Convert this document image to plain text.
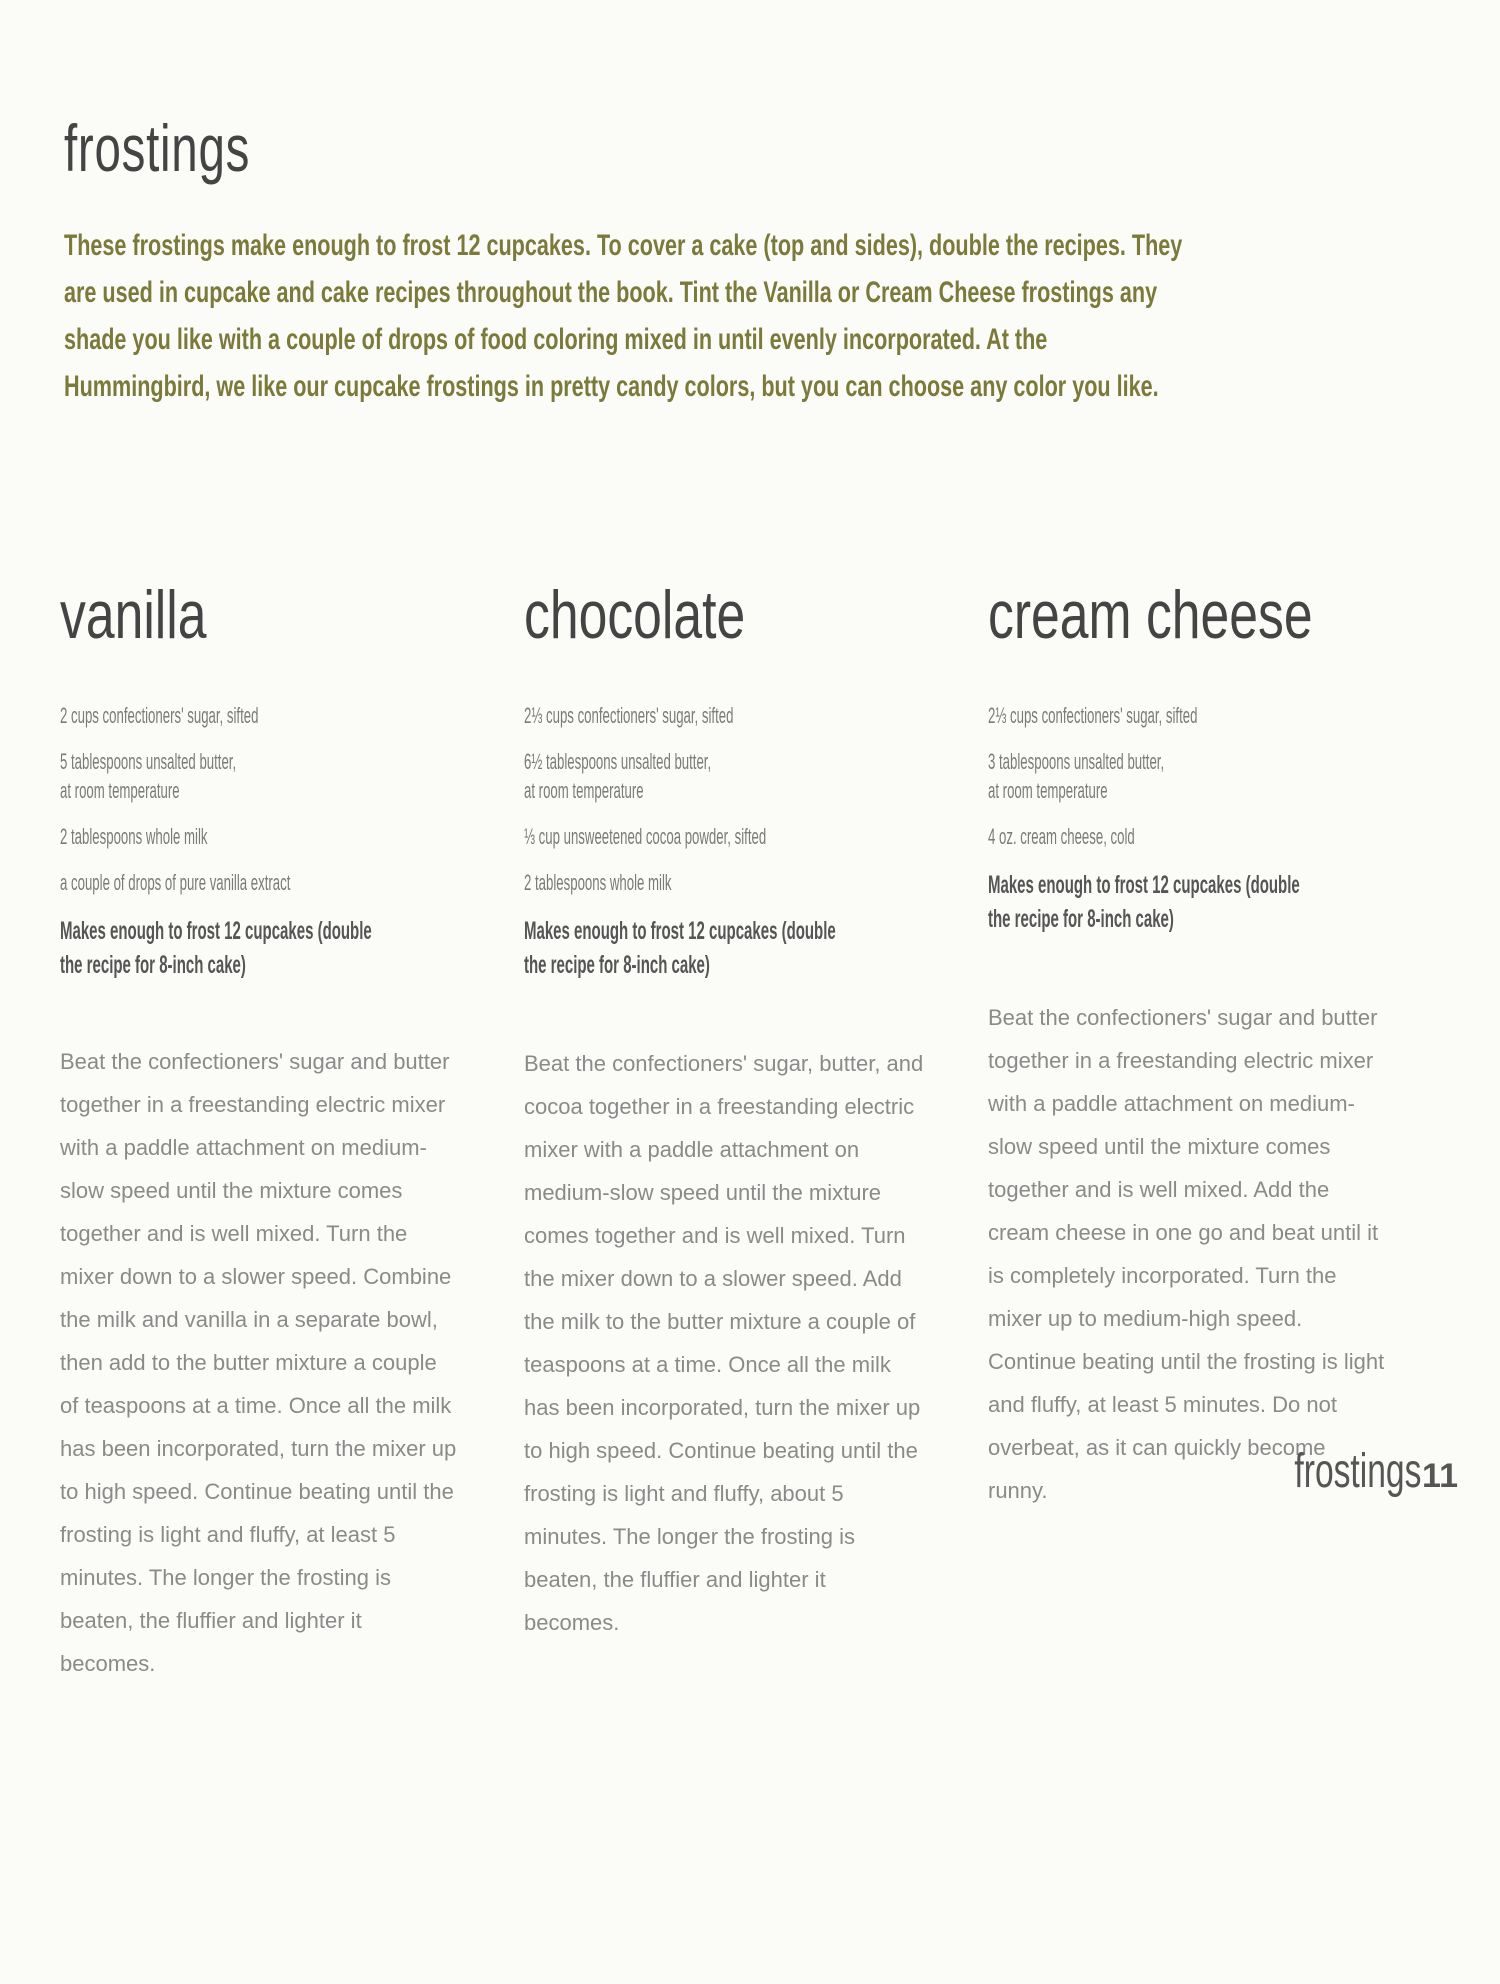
frostings

These frostings make enough to frost 12 cupcakes. To cover a cake (top and sides), double the recipes. They are used in cupcake and cake recipes throughout the book. Tint the Vanilla or Cream Cheese frostings any shade you like with a couple of drops of food coloring mixed in until evenly incorporated. At the Hummingbird, we like our cupcake frostings in pretty candy colors, but you can choose any color you like.

vanilla
2 cups confectioners' sugar, sifted
5 tablespoons unsalted butter,
at room temperature
2 tablespoons whole milk
a couple of drops of pure vanilla extract

Makes enough to frost 12 cupcakes (double the recipe for 8-inch cake)

Beat the confectioners' sugar and butter together in a freestanding electric mixer with a paddle attachment on medium-slow speed until the mixture comes together and is well mixed. Turn the mixer down to a slower speed. Combine the milk and vanilla in a separate bowl, then add to the butter mixture a couple of teaspoons at a time. Once all the milk has been incorporated, turn the mixer up to high speed. Continue beating until the frosting is light and fluffy, at least 5 minutes. The longer the frosting is beaten, the fluffier and lighter it becomes.

chocolate
2⅓ cups confectioners' sugar, sifted
6½ tablespoons unsalted butter,
at room temperature
⅓ cup unsweetened cocoa powder, sifted
2 tablespoons whole milk

Makes enough to frost 12 cupcakes (double the recipe for 8-inch cake)

Beat the confectioners' sugar, butter, and cocoa together in a freestanding electric mixer with a paddle attachment on medium-slow speed until the mixture comes together and is well mixed. Turn the mixer down to a slower speed. Add the milk to the butter mixture a couple of teaspoons at a time. Once all the milk has been incorporated, turn the mixer up to high speed. Continue beating until the frosting is light and fluffy, about 5 minutes. The longer the frosting is beaten, the fluffier and lighter it becomes.

cream cheese
2⅓ cups confectioners' sugar, sifted
3 tablespoons unsalted butter,
at room temperature
4 oz. cream cheese, cold

Makes enough to frost 12 cupcakes (double the recipe for 8-inch cake)

Beat the confectioners' sugar and butter together in a freestanding electric mixer with a paddle attachment on medium-slow speed until the mixture comes together and is well mixed. Add the cream cheese in one go and beat until it is completely incorporated. Turn the mixer up to medium-high speed. Continue beating until the frosting is light and fluffy, at least 5 minutes. Do not overbeat, as it can quickly become runny.	frostings 11
